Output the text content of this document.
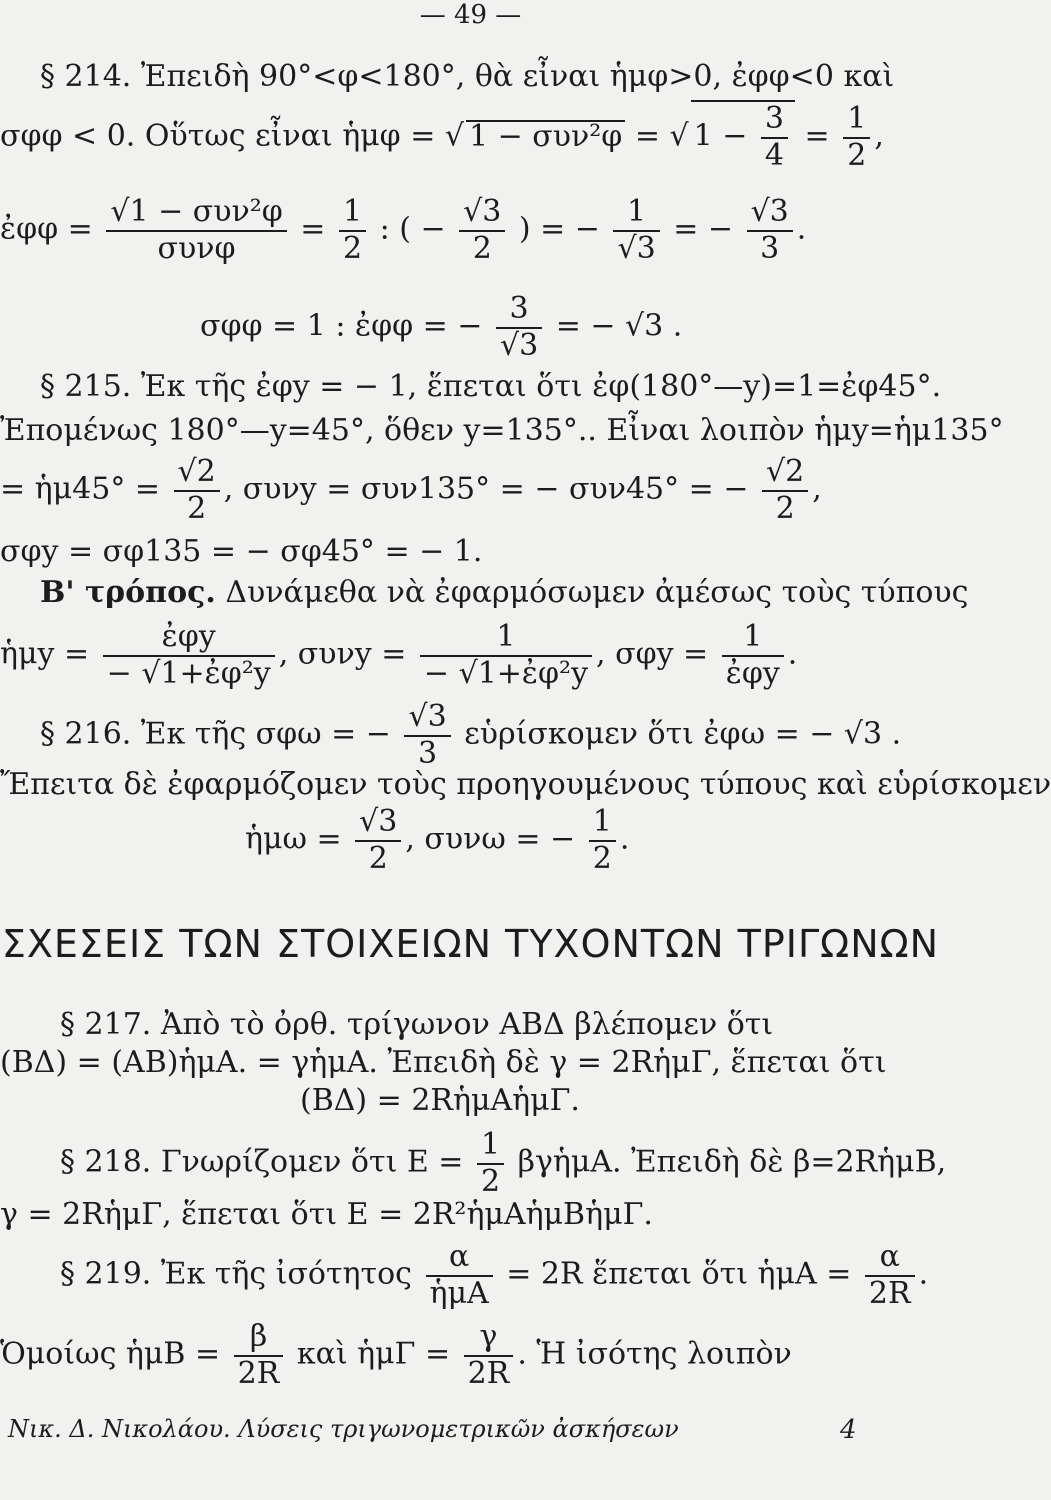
— 49 —
§ 214. Ἐπειδὴ 90°<φ<180°, θὰ εἶναι ἡμφ>0, ἐφφ<0 καὶ
σφφ < 0. Οὕτως εἶναι ἡμφ = √ 1 − συν²φ = √ $1 - \frac{3}{4} = \frac{1}{2}$ ,
ἐφφ = $\frac{\text{√1 − συν²φ}}{\text{συνφ}} = \frac{1}{2}$ : ( − $\frac{√3}{2}$ ) = − $\frac{1}{√3}$ = − $\frac{√3}{3}$ .
σφφ = 1 : ἐφφ = − $\frac{3}{√3}$ = − √3 .
§ 215. Ἐκ τῆς ἐφy = − 1, ἕπεται ὅτι ἐφ(180°—y)=1=ἐφ45°.
Ἐπομένως 180°—y=45°, ὅθεν y=135°.. Εἶναι λοιπὸν ἡμy=ἡμ135°
= ἡμ45° = $\frac{√2}{2}$ , συνy = συν135° = − συν45° = − $\frac{√2}{2}$ ,
σφy = σφ135 = − σφ45° = − 1.
Β' τρόπος. Δυνάμεθα νὰ ἐφαρμόσωμεν ἀμέσως τοὺς τύπους
ἡμy = $\frac{\text{ἐφy}}{\text{− √1+ἐφ²y}}$ , $\sigma\upsilon\nu y = \frac{1}{\text{− √1+ἐφ²y}}$ , $\sigma\varphi y = \frac{1}{\text{ἐφy}}$ .
§ 216. Ἐκ τῆς σφω = − $\frac{√3}{3}$ εὑρίσκομεν ὅτι ἐφω = − √3 .
Ἔπειτα δὲ ἐφαρμόζομεν τοὺς προηγουμένους τύπους καὶ εὑρίσκομεν
ἡμω = $\frac{√3}{2}$ , συνω = − $\frac{1}{2}$ .
ΣΧΕΣΕΙΣ ΤΩΝ ΣΤΟΙΧΕΙΩΝ ΤΥΧΟΝΤΩΝ ΤΡΙΓΩΝΩΝ
§ 217. Ἀπὸ τὸ ὀρθ. τρίγωνον ΑΒΔ βλέπομεν ὅτι
(ΒΔ) = (ΑΒ)ἡμΑ. = γἡμΑ. Ἐπειδὴ δὲ γ = 2RἡμΓ, ἕπεται ὅτι
(ΒΔ) = 2RἡμΑἡμΓ.
§ 218. Γνωρίζομεν ὅτι $E = \frac{1}{2}$ βγἡμΑ. Ἐπειδὴ δὲ β=2RἡμΒ,
γ = 2RἡμΓ, ἕπεται ὅτι Ε = 2R²ἡμΑἡμΒἡμΓ.
§ 219. Ἐκ τῆς ἰσότητος $\frac{\alpha}{\text{ἡμΑ}} = 2R$ ἕπεται ὅτι ἡμΑ = $\frac{\alpha}{2R}$ .
Ὁμοίως ἡμΒ = $\frac{\beta}{2R}$ καὶ ἡμΓ = $\frac{\gamma}{2R}$ . Ἡ ἰσότης λοιπὸν
Νικ. Δ. Νικολάου. Λύσεις τριγωνομετρικῶν ἀσκήσεων	4
